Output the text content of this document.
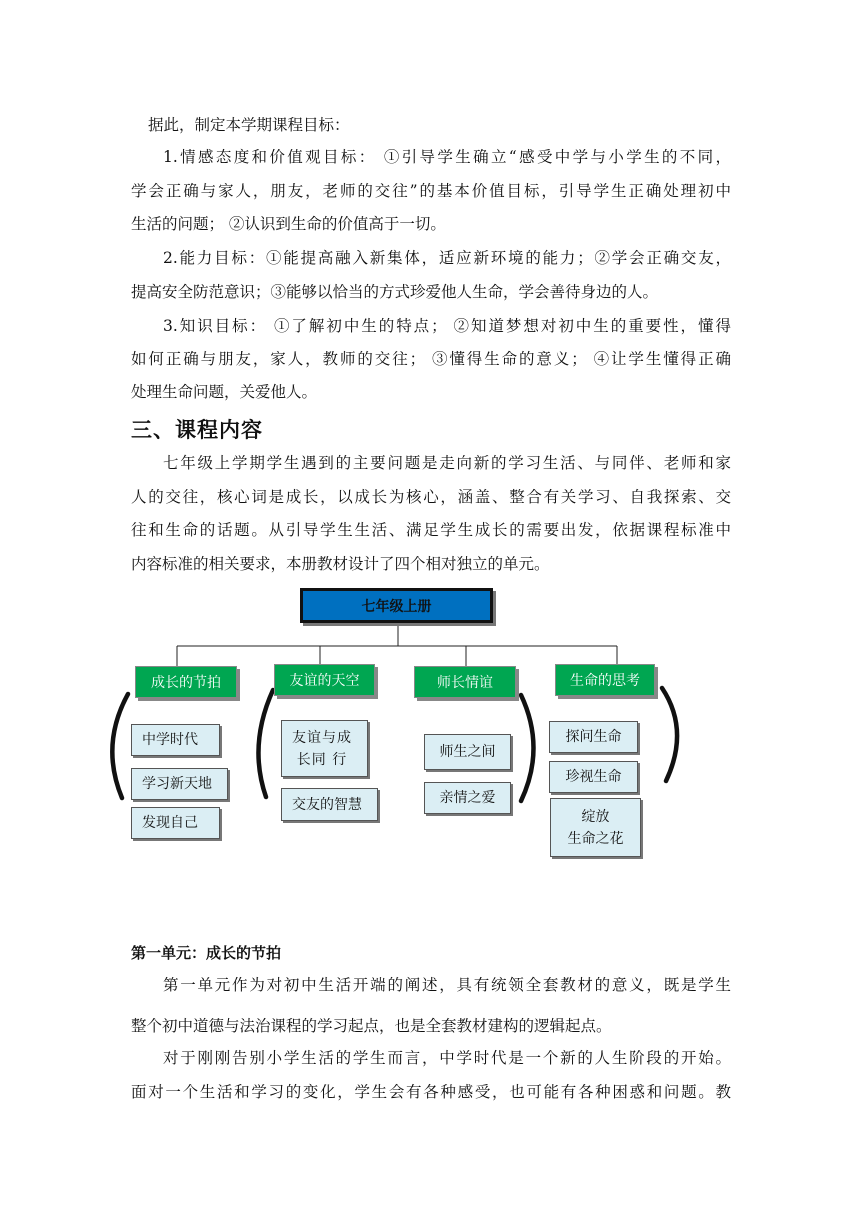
据此，制定本学期课程目标：
1.情感态度和价值观目标： ①引导学生确立“感受中学与小学生的不同，
学会正确与家人，朋友，老师的交往”的基本价值目标，引导学生正确处理初中
生活的问题； ②认识到生命的价值高于一切。
2.能力目标：①能提高融入新集体，适应新环境的能力；②学会正确交友，
提高安全防范意识；③能够以恰当的方式珍爱他人生命，学会善待身边的人。
3.知识目标： ①了解初中生的特点； ②知道梦想对初中生的重要性，懂得
如何正确与朋友，家人，教师的交往； ③懂得生命的意义； ④让学生懂得正确
处理生命问题，关爱他人。
三、课程内容
七年级上学期学生遇到的主要问题是走向新的学习生活、与同伴、老师和家
人的交往，核心词是成长，以成长为核心，涵盖、整合有关学习、自我探索、交
往和生命的话题。从引导学生生活、满足学生成长的需要出发，依据课程标准中
内容标准的相关要求，本册教材设计了四个相对独立的单元。
七年级上册
成长的节拍	友谊的天空	师长情谊	生命的思考
中学时代
学习新天地
发现自己
友谊与成
长同 行
交友的智慧
师生之间
亲情之爱
探问生命
珍视生命
绽放
生命之花
第一单元：成长的节拍
第一单元作为对初中生活开端的阐述，具有统领全套教材的意义，既是学生
整个初中道德与法治课程的学习起点，也是全套教材建构的逻辑起点。
对于刚刚告别小学生活的学生而言，中学时代是一个新的人生阶段的开始。
面对一个生活和学习的变化，学生会有各种感受，也可能有各种困惑和问题。教
